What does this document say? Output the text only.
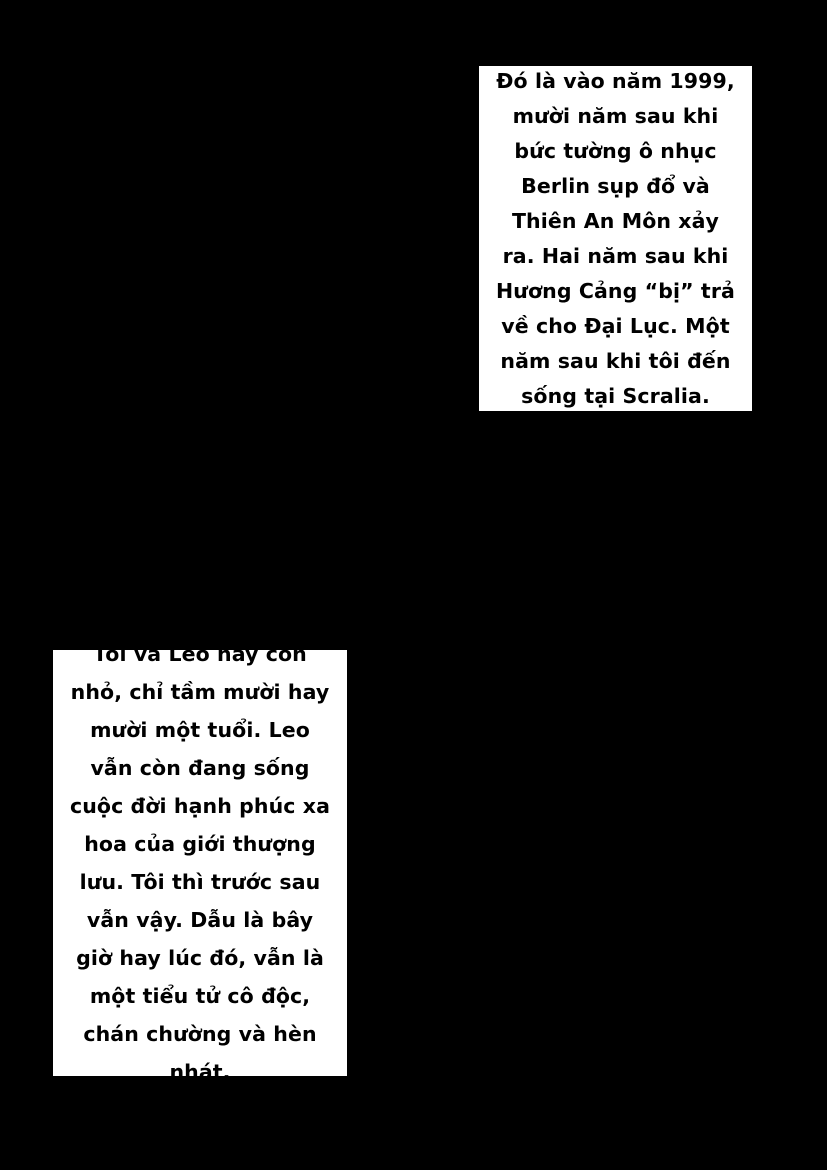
Đó là vào năm 1999, mười năm sau khi bức tường ô nhục Berlin sụp đổ và Thiên An Môn xảy ra. Hai năm sau khi Hương Cảng “bị” trả về cho Đại Lục. Một năm sau khi tôi đến sống tại Scralia.
Tôi và Leo hãy còn nhỏ, chỉ tầm mười hay mười một tuổi. Leo vẫn còn đang sống cuộc đời hạnh phúc xa hoa của giới thượng lưu. Tôi thì trước sau vẫn vậy. Dẫu là bây giờ hay lúc đó, vẫn là một tiểu tử cô độc, chán chường và hèn nhát.
